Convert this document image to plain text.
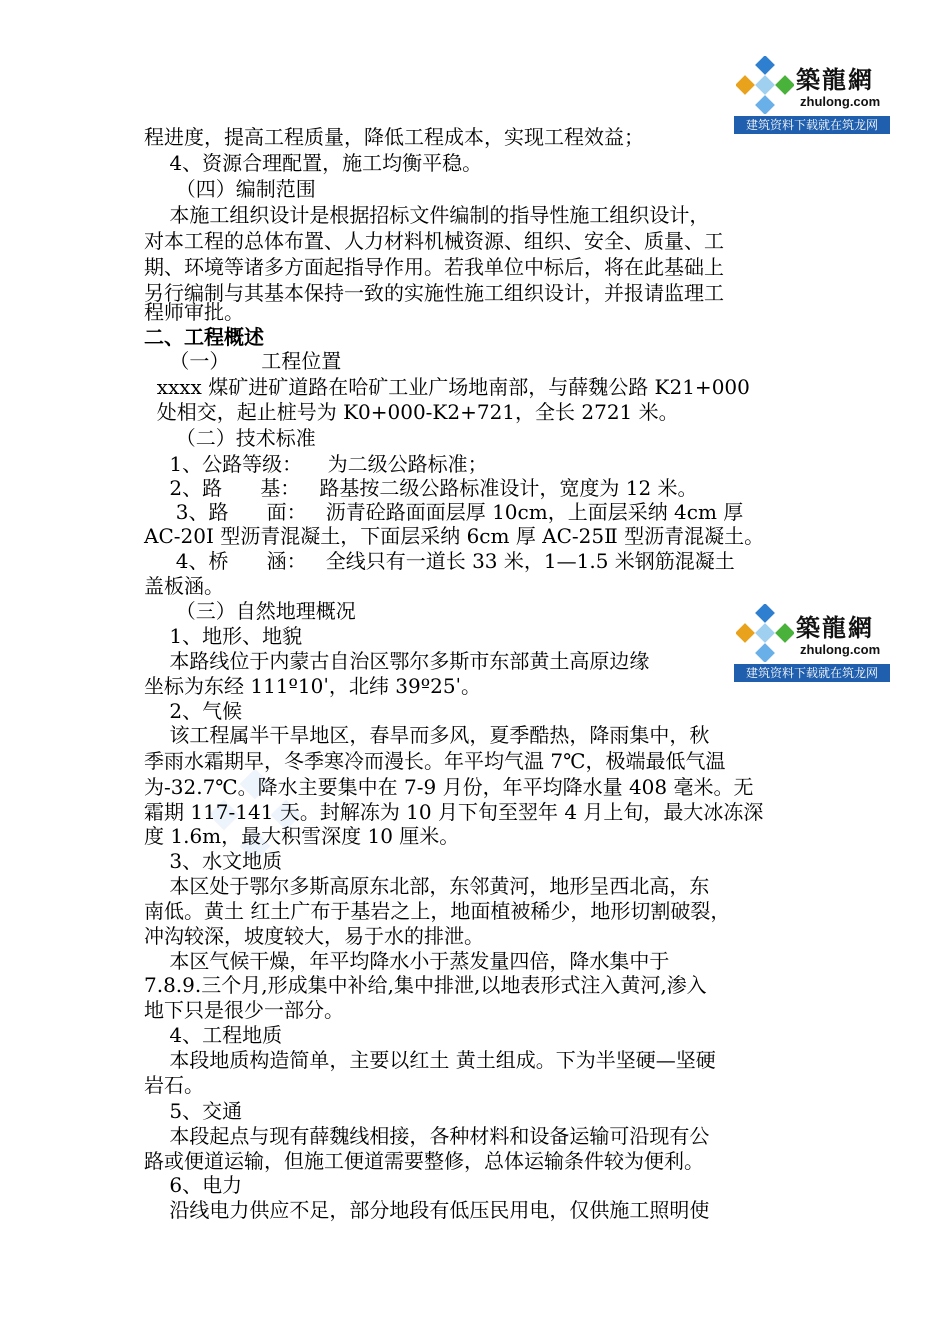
築龍網
zhulong.com
建筑资料下载就在筑龙网
築龍網
zhulong.com
建筑资料下载就在筑龙网
程进度，提高工程质量，降低工程成本，实现工程效益；
4、资源合理配置，施工均衡平稳。
（四）编制范围
本施工组织设计是根据招标文件编制的指导性施工组织设计，
对本工程的总体布置、人力材料机械资源、组织、安全、质量、工
期、环境等诸多方面起指导作用。若我单位中标后，将在此基础上
另行编制与其基本保持一致的实施性施工组织设计，并报请监理工
程师审批。
二、工程概述
（一）     工程位置
xxxx 煤矿进矿道路在哈矿工业广场地南部，与薛魏公路 K21+000
处相交，起止桩号为 K0+000-K2+721，全长 2721 米。
（二）技术标准
1、公路等级：    为二级公路标准；
2、路      基：   路基按二级公路标准设计，宽度为 12 米。
3、路      面：   沥青砼路面面层厚 10cm，上面层采纳 4cm 厚
AC-20Ⅰ 型沥青混凝土，下面层采纳 6cm 厚 AC-25Ⅱ 型沥青混凝土。
4、桥      涵：   全线只有一道长 33 米，1—1.5 米钢筋混凝土
盖板涵。
（三）自然地理概况
1、地形、地貌
本路线位于内蒙古自治区鄂尔多斯市东部黄土高原边缘
坐标为东经 111º10ˈ，北纬 39º25ˈ。
2、气候
该工程属半干旱地区，春旱而多风，夏季酷热，降雨集中，秋
季雨水霜期早，冬季寒冷而漫长。年平均气温 7℃，极端最低气温
为-32.7℃。降水主要集中在 7-9 月份，年平均降水量 408 毫米。无
霜期 117-141 天。封解冻为 10 月下旬至翌年 4 月上旬，最大冰冻深
度 1.6m，最大积雪深度 10 厘米。
3、水文地质
本区处于鄂尔多斯高原东北部，东邻黄河，地形呈西北高，东
南低。黄土 红土广布于基岩之上，地面植被稀少，地形切割破裂，
冲沟较深，坡度较大，易于水的排泄。
本区气候干燥，年平均降水小于蒸发量四倍，降水集中于
7.8.9.三个月,形成集中补给,集中排泄,以地表形式注入黄河,渗入
地下只是很少一部分。
4、工程地质
本段地质构造简单，主要以红土 黄土组成。下为半坚硬—坚硬
岩石。
5、交通
本段起点与现有薛魏线相接，各种材料和设备运输可沿现有公
路或便道运输，但施工便道需要整修，总体运输条件较为便利。
6、电力
沿线电力供应不足，部分地段有低压民用电，仅供施工照明使
